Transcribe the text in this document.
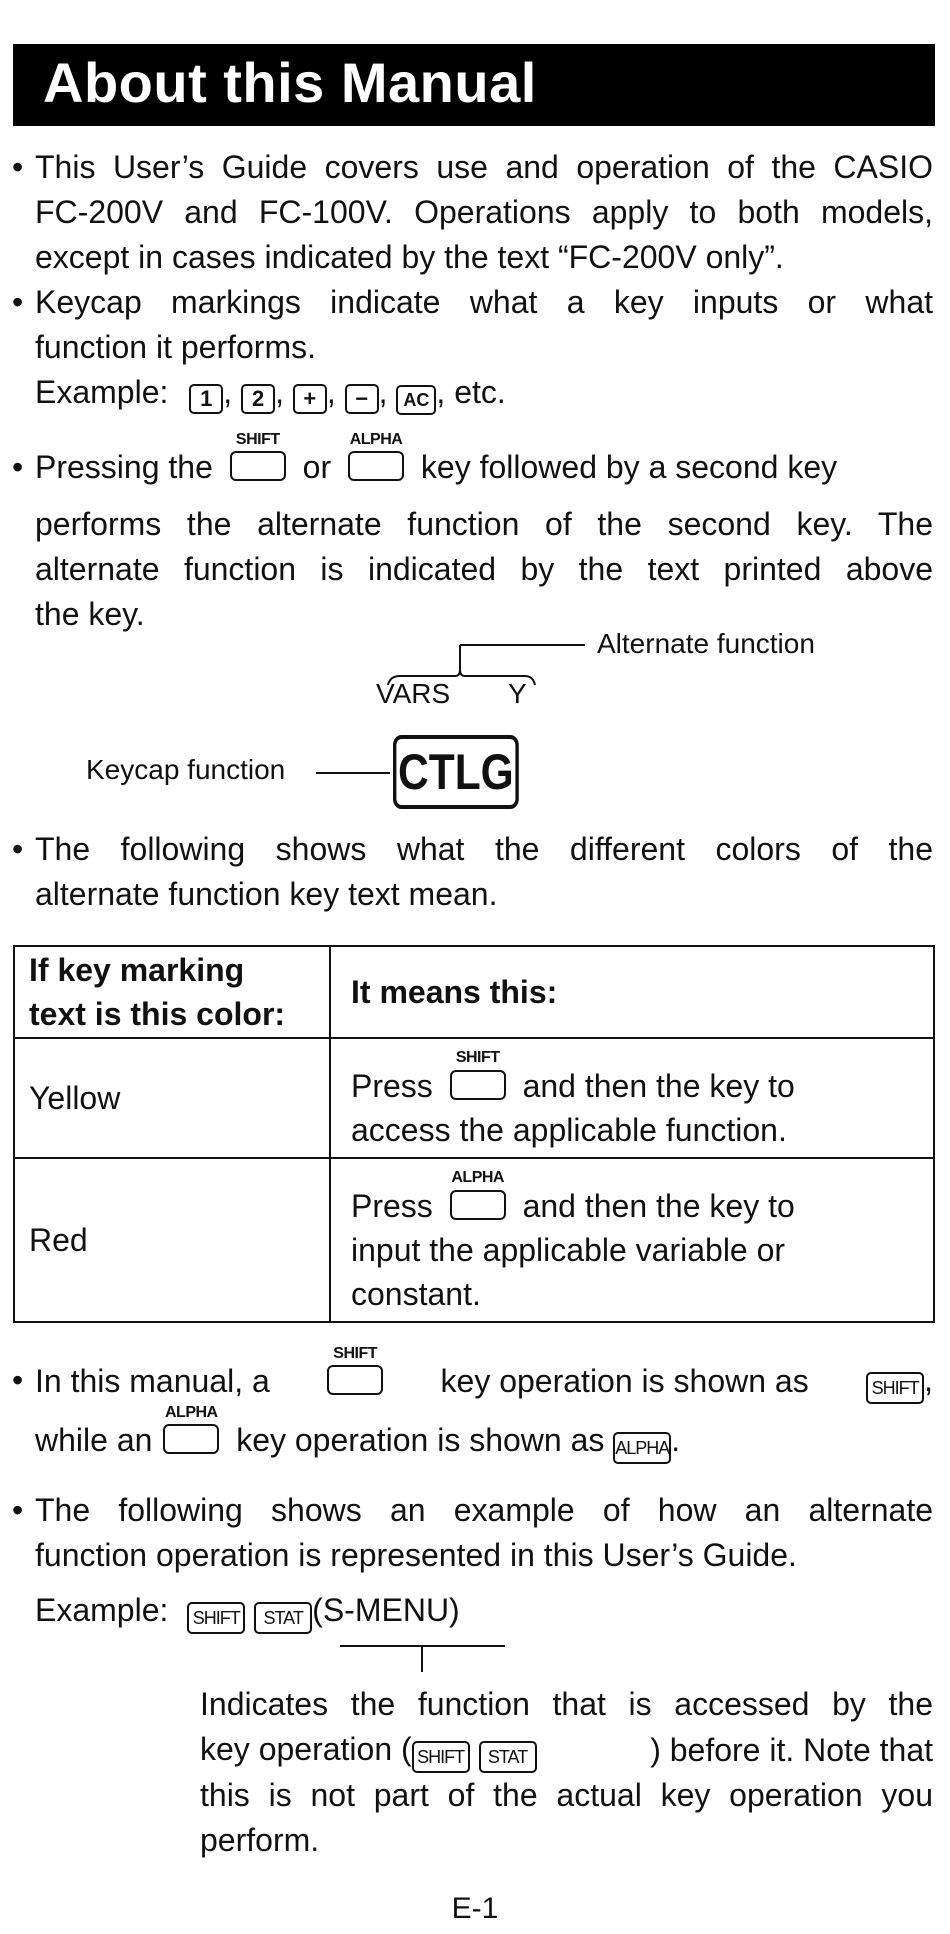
About this Manual
• This User’s Guide covers use and operation of the CASIO
FC-200V and FC-100V. Operations apply to both models,
except in cases indicated by the text “FC-200V only”.
• Keycap markings indicate what a key inputs or what
function it performs.
Example: 1 , 2 , + , − , AC , etc.
• Pressing the
SHIFT
or
ALPHA
key followed by a second key
performs the alternate function of the second key. The
alternate function is indicated by the text printed above
the key.
Alternate function
VARS Y
Keycap function CTLG
• The following shows what the different colors of the
alternate function key text mean.
If key marking
text is this color:	It means this:
Yellow	Press
SHIFT
and then the key to
access the applicable function.

Red	Press
ALPHA
and then the key to
input the applicable variable or
constant.
• In this manual, a
SHIFT
key operation is shown as	SHIFT ,
while an
ALPHA
key operation is shown as ALPHA.
• The following shows an example of how an alternate
function operation is represented in this User’s Guide.
Example: SHIFT STAT (S-MENU)
Indicates the function that is accessed by the
key operation ( SHIFT STAT	) before it. Note that
this is not part of the actual key operation you
perform.
E-1
